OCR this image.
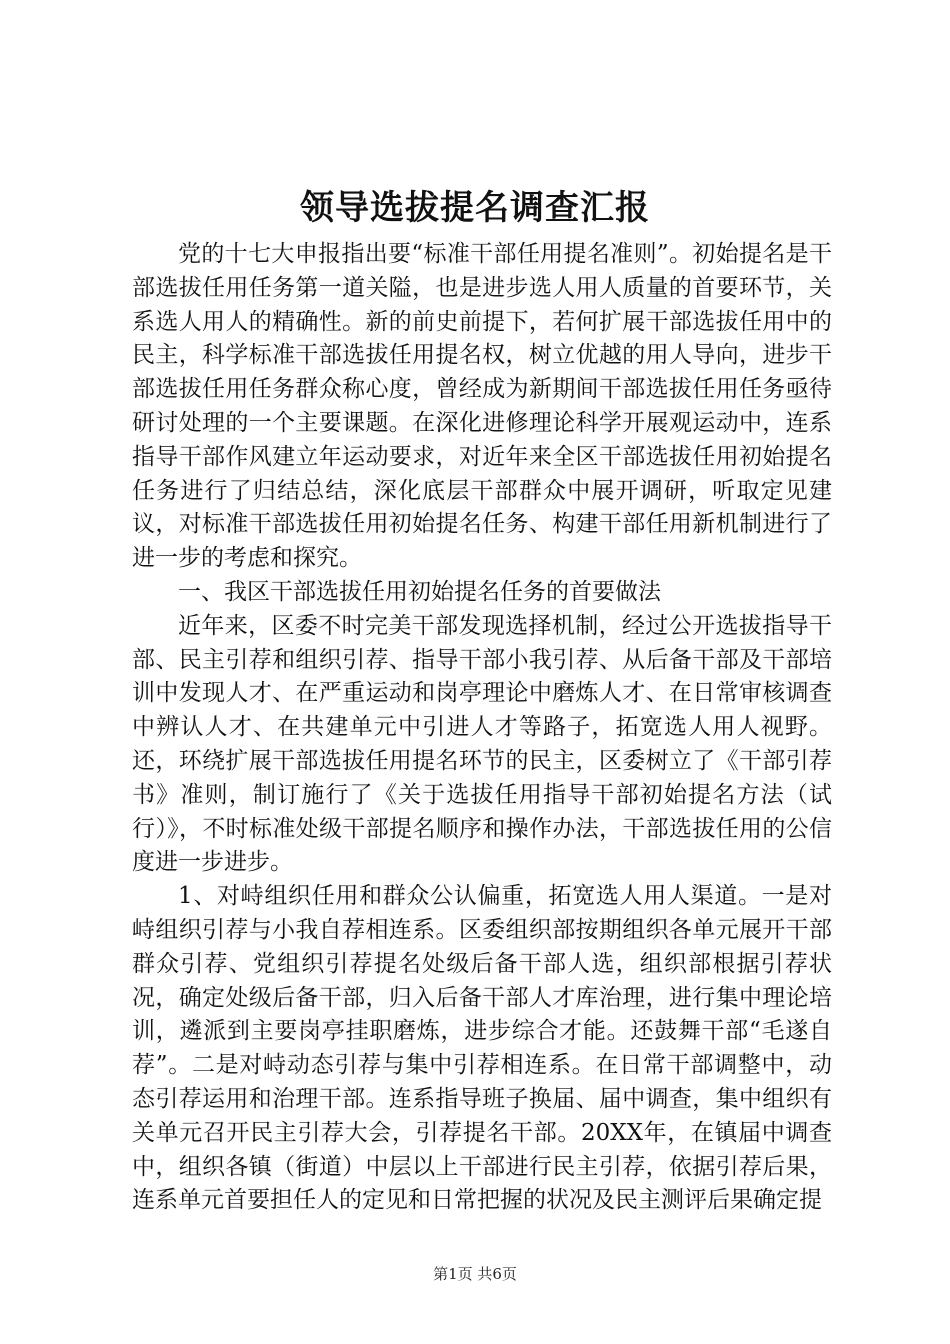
领导选拔提名调查汇报

党的十七大申报指出要“标准干部任用提名准则”。初始提名是干部选拔任用任务第一道关隘，也是进步选人用人质量的首要环节，关系选人用人的精确性。新的前史前提下，若何扩展干部选拔任用中的民主，科学标准干部选拔任用提名权，树立优越的用人导向，进步干部选拔任用任务群众称心度，曾经成为新期间干部选拔任用任务亟待研讨处理的一个主要课题。在深化进修理论科学开展观运动中，连系指导干部作风建立年运动要求，对近年来全区干部选拔任用初始提名任务进行了归结总结，深化底层干部群众中展开调研，听取定见建议，对标准干部选拔任用初始提名任务、构建干部任用新机制进行了进一步的考虑和探究。

一、我区干部选拔任用初始提名任务的首要做法

近年来，区委不时完美干部发现选择机制，经过公开选拔指导干部、民主引荐和组织引荐、指导干部小我引荐、从后备干部及干部培训中发现人才、在严重运动和岗亭理论中磨炼人才、在日常审核调查中辨认人才、在共建单元中引进人才等路子，拓宽选人用人视野。还，环绕扩展干部选拔任用提名环节的民主，区委树立了《干部引荐书》准则，制订施行了《关于选拔任用指导干部初始提名方法（试行）》，不时标准处级干部提名顺序和操作办法，干部选拔任用的公信度进一步进步。

1、对峙组织任用和群众公认偏重，拓宽选人用人渠道。一是对峙组织引荐与小我自荐相连系。区委组织部按期组织各单元展开干部群众引荐、党组织引荐提名处级后备干部人选，组织部根据引荐状况，确定处级后备干部，归入后备干部人才库治理，进行集中理论培训，遴派到主要岗亭挂职磨炼，进步综合才能。还鼓舞干部“毛遂自荐”。二是对峙动态引荐与集中引荐相连系。在日常干部调整中，动态引荐运用和治理干部。连系指导班子换届、届中调查，集中组织有关单元召开民主引荐大会，引荐提名干部。20XX年，在镇届中调查中，组织各镇（街道）中层以上干部进行民主引荐，依据引荐后果，连系单元首要担任人的定见和日常把握的状况及民主测评后果确定提

第1页 共6页
